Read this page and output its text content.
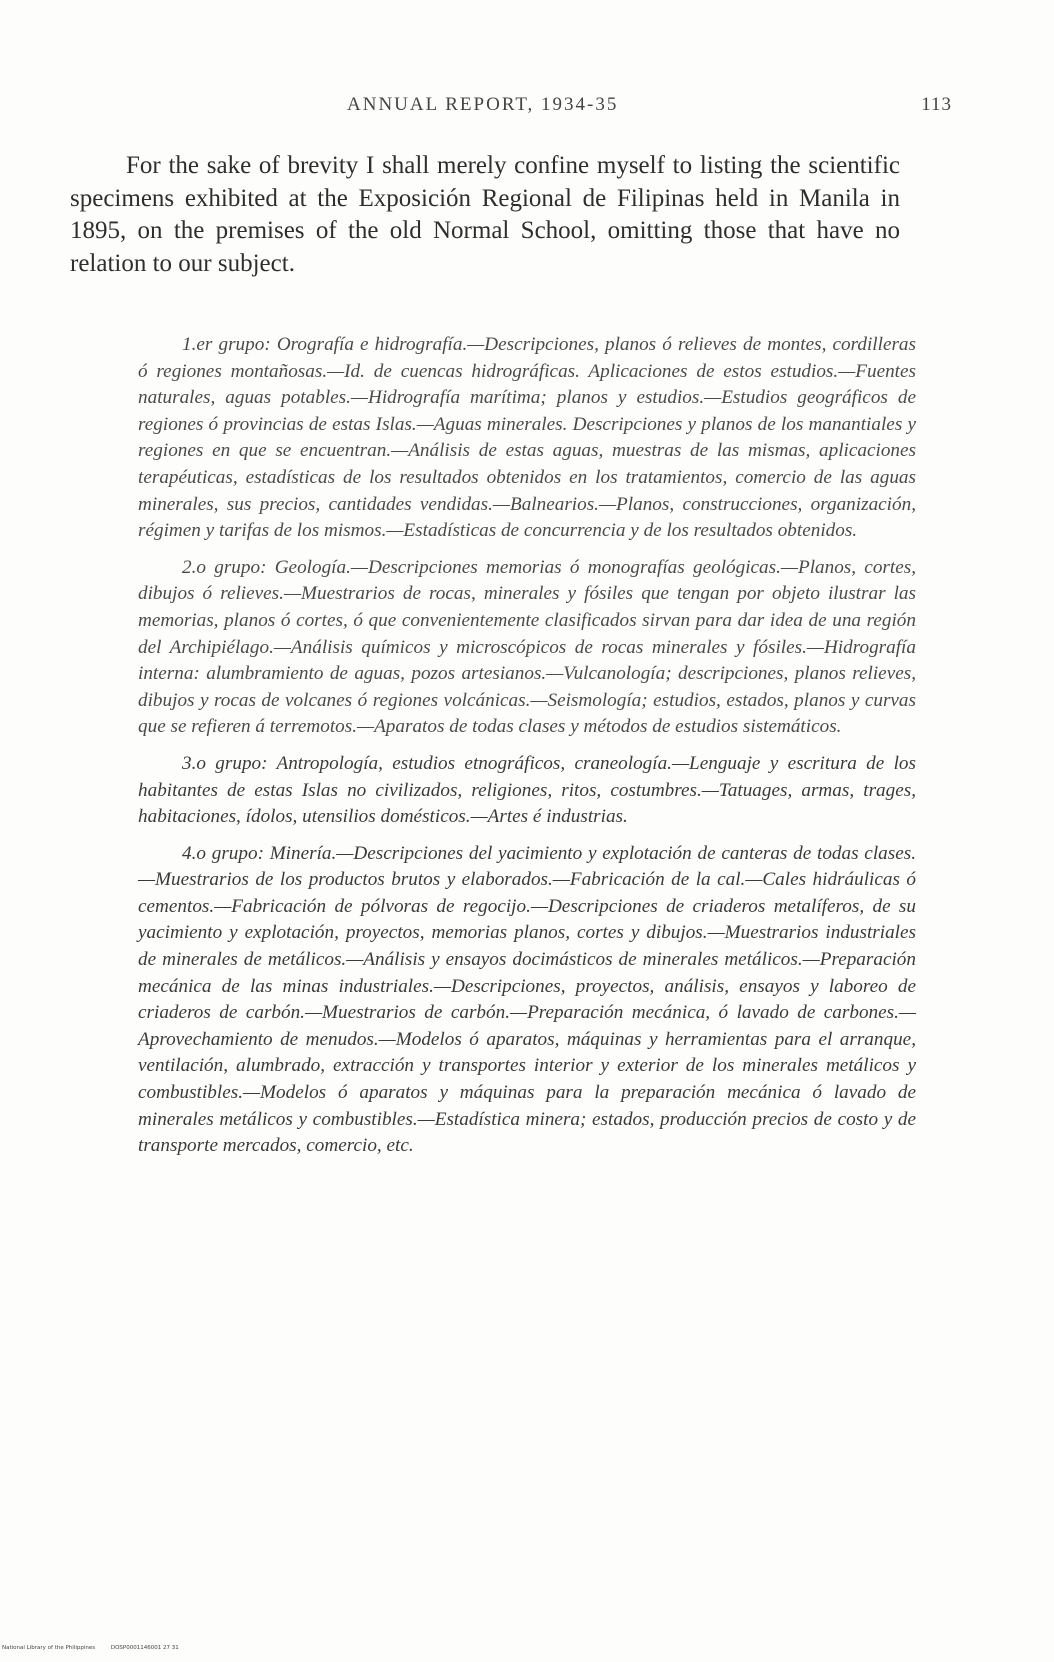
ANNUAL REPORT, 1934-35	113

For the sake of brevity I shall merely confine myself to listing the scientific specimens exhibited at the Exposición Regional de Filipinas held in Manila in 1895, on the premises of the old Normal School, omitting those that have no relation to our subject.

1.er grupo: Orografía e hidrografía.—Descripciones, planos ó relieves de montes, cordilleras ó regiones montañosas.—Id. de cuencas hidrográficas. Aplicaciones de estos estudios.—Fuentes naturales, aguas potables.—Hidrografía marítima; planos y estudios.—Estudios geográficos de regiones ó provincias de estas Islas.—Aguas minerales. Descripciones y planos de los manantiales y regiones en que se encuentran.—Análisis de estas aguas, muestras de las mismas, aplicaciones terapéuticas, estadísticas de los resultados obtenidos en los tratamientos, comercio de las aguas minerales, sus precios, cantidades vendidas.—Balnearios.—Planos, construcciones, organización, régimen y tarifas de los mismos.—Estadísticas de concurrencia y de los resultados obtenidos.

2.o grupo: Geología.—Descripciones memorias ó monografías geológicas.—Planos, cortes, dibujos ó relieves.—Muestrarios de rocas, minerales y fósiles que tengan por objeto ilustrar las memorias, planos ó cortes, ó que convenientemente clasificados sirvan para dar idea de una región del Archipiélago.—Análisis químicos y microscópicos de rocas minerales y fósiles.—Hidrografía interna: alumbramiento de aguas, pozos artesianos.—Vulcanología; descripciones, planos relieves, dibujos y rocas de volcanes ó regiones volcánicas.—Seismología; estudios, estados, planos y curvas que se refieren á terremotos.—Aparatos de todas clases y métodos de estudios sistemáticos.

3.o grupo: Antropología, estudios etnográficos, craneología.—Lenguaje y escritura de los habitantes de estas Islas no civilizados, religiones, ritos, costumbres.—Tatuages, armas, trages, habitaciones, ídolos, utensilios domésticos.—Artes é industrias.

4.o grupo: Minería.—Descripciones del yacimiento y explotación de canteras de todas clases.—Muestrarios de los productos brutos y elaborados.—Fabricación de la cal.—Cales hidráulicas ó cementos.—Fabricación de pólvoras de regocijo.—Descripciones de criaderos metalíferos, de su yacimiento y explotación, proyectos, memorias planos, cortes y dibujos.—Muestrarios industriales de minerales de metálicos.—Análisis y ensayos docimásticos de minerales metálicos.—Preparación mecánica de las minas industriales.—Descripciones, proyectos, análisis, ensayos y laboreo de criaderos de carbón.—Muestrarios de carbón.—Preparación mecánica, ó lavado de carbones.—Aprovechamiento de menudos.—Modelos ó aparatos, máquinas y herramientas para el arranque, ventilación, alumbrado, extracción y transportes interior y exterior de los minerales metálicos y combustibles.—Modelos ó aparatos y máquinas para la preparación mecánica ó lavado de minerales metálicos y combustibles.—Estadística minera; estados, producción precios de costo y de transporte mercados, comercio, etc.

National Library of the Philippines	DOSP0001146001 27 31
